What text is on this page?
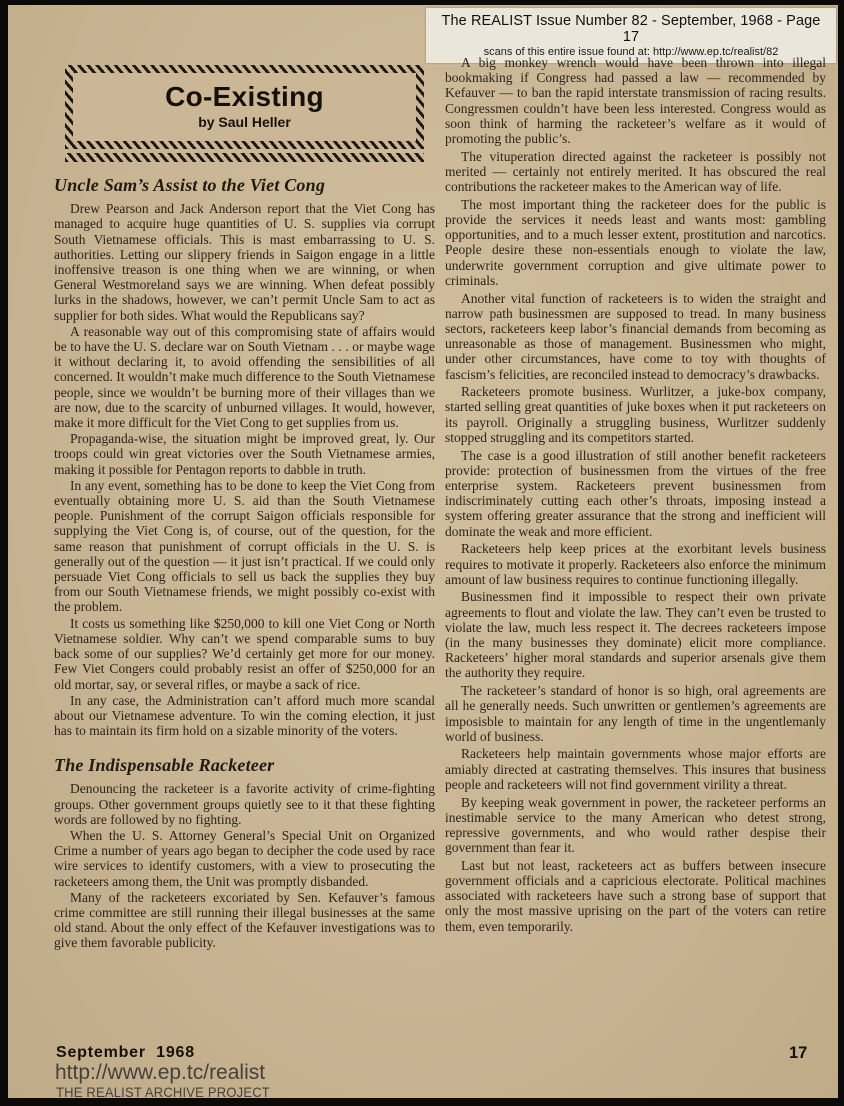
The REALIST Issue Number 82 - September, 1968 - Page 17
scans of this entire issue found at: http://www.ep.tc/realist/82
Co-Existing
by Saul Heller
Uncle Sam’s Assist to the Viet Cong

Drew Pearson and Jack Anderson report that the Viet Cong has managed to acquire huge quantities of U. S. supplies via corrupt South Vietnamese officials. This is mast embarrassing to U. S. authorities. Letting our slippery friends in Saigon engage in a little inoffensive treason is one thing when we are winning, or when General Westmoreland says we are winning. When defeat possibly lurks in the shadows, however, we can’t permit Uncle Sam to act as supplier for both sides. What would the Republicans say?

A reasonable way out of this compromising state of affairs would be to have the U. S. declare war on South Vietnam . . . or maybe wage it without declaring it, to avoid offending the sensibilities of all concerned. It wouldn’t make much difference to the South Vietnamese people, since we wouldn’t be burning more of their villages than we are now, due to the scarcity of unburned villages. It would, however, make it more difficult for the Viet Cong to get supplies from us.

Propaganda-wise, the situation might be improved great, ly. Our troops could win great victories over the South Vietnamese armies, making it possible for Pentagon reports to dabble in truth.

In any event, something has to be done to keep the Viet Cong from eventually obtaining more U. S. aid than the South Vietnamese people. Punishment of the corrupt Saigon officials responsible for supplying the Viet Cong is, of course, out of the question, for the same reason that punishment of corrupt officials in the U. S. is generally out of the question — it just isn’t practical. If we could only persuade Viet Cong officials to sell us back the supplies they buy from our South Vietnamese friends, we might possibly co-exist with the problem.

It costs us something like $250,000 to kill one Viet Cong or North Vietnamese soldier. Why can’t we spend comparable sums to buy back some of our supplies? We’d certainly get more for our money. Few Viet Congers could probably resist an offer of $250,000 for an old mortar, say, or several rifles, or maybe a sack of rice.

In any case, the Administration can’t afford much more scandal about our Vietnamese adventure. To win the coming election, it just has to maintain its firm hold on a sizable minority of the voters.

The Indispensable Racketeer

Denouncing the racketeer is a favorite activity of crime-fighting groups. Other government groups quietly see to it that these fighting words are followed by no fighting.

When the U. S. Attorney General’s Special Unit on Organized Crime a number of years ago began to decipher the code used by race wire services to identify customers, with a view to prosecuting the racketeers among them, the Unit was promptly disbanded.

Many of the racketeers excoriated by Sen. Kefauver’s famous crime committee are still running their illegal businesses at the same old stand. About the only effect of the Kefauver investigations was to give them favorable publicity.

A big monkey wrench would have been thrown into illegal bookmaking if Congress had passed a law — recommended by Kefauver — to ban the rapid interstate transmission of racing results. Congressmen couldn’t have been less interested. Congress would as soon think of harming the racketeer’s welfare as it would of promoting the public’s.

The vituperation directed against the racketeer is possibly not merited — certainly not entirely merited. It has obscured the real contributions the racketeer makes to the American way of life.

The most important thing the racketeer does for the public is provide the services it needs least and wants most: gambling opportunities, and to a much lesser extent, prostitution and narcotics. People desire these non-essentials enough to violate the law, underwrite government corruption and give ultimate power to criminals.

Another vital function of racketeers is to widen the straight and narrow path businessmen are supposed to tread. In many business sectors, racketeers keep labor’s financial demands from becoming as unreasonable as those of management. Businessmen who might, under other circumstances, have come to toy with thoughts of fascism’s felicities, are reconciled instead to democracy’s drawbacks.

Racketeers promote business. Wurlitzer, a juke-box company, started selling great quantities of juke boxes when it put racketeers on its payroll. Originally a struggling business, Wurlitzer suddenly stopped struggling and its competitors started.

The case is a good illustration of still another benefit racketeers provide: protection of businessmen from the virtues of the free enterprise system. Racketeers prevent businessmen from indiscriminately cutting each other’s throats, imposing instead a system offering greater assurance that the strong and inefficient will dominate the weak and more efficient.

Racketeers help keep prices at the exorbitant levels business requires to motivate it properly. Racketeers also enforce the minimum amount of law business requires to continue functioning illegally.

Businessmen find it impossible to respect their own private agreements to flout and violate the law. They can’t even be trusted to violate the law, much less respect it. The decrees racketeers impose (in the many businesses they dominate) elicit more compliance. Racketeers’ higher moral standards and superior arsenals give them the authority they require.

The racketeer’s standard of honor is so high, oral agreements are all he generally needs. Such unwritten or gentlemen’s agreements are imposisble to maintain for any length of time in the ungentlemanly world of business.

Racketeers help maintain governments whose major efforts are amiably directed at castrating themselves. This insures that business people and racketeers will not find government virility a threat.

By keeping weak government in power, the racketeer performs an inestimable service to the many American who detest strong, repressive governments, and who would rather despise their government than fear it.

Last but not least, racketeers act as buffers between insecure government officials and a capricious electorate. Political machines associated with racketeers have such a strong base of support that only the most massive uprising on the part of the voters can retire them, even temporarily.

September 1968	17
http://www.ep.tc/realist
THE REALIST ARCHIVE PROJECT
